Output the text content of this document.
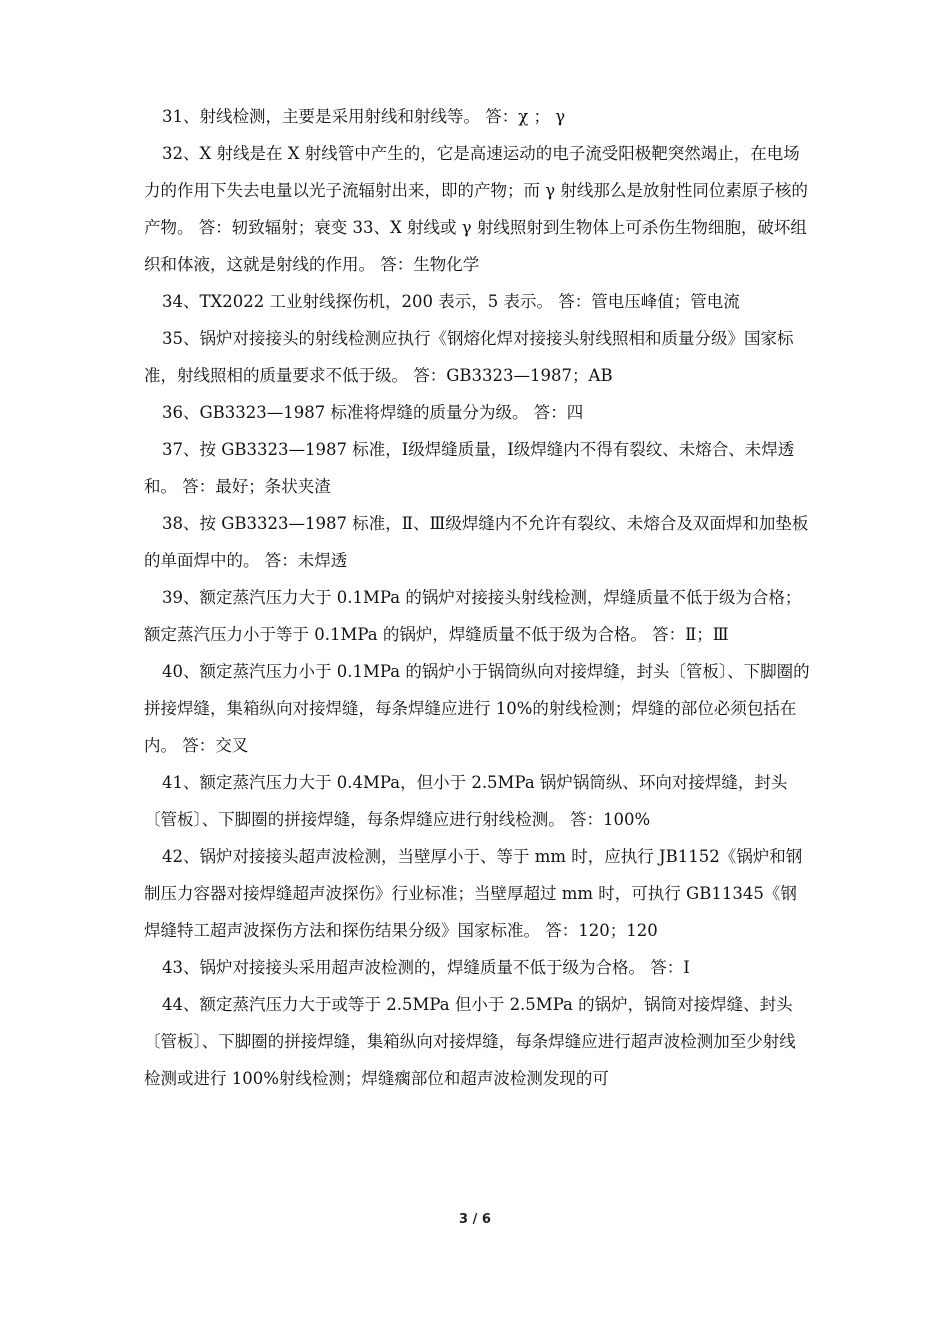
31、射线检测，主要是采用射线和射线等。 答：χ ； γ

32、X 射线是在 X 射线管中产生的，它是高速运动的电子流受阳极靶突然竭止，在电场力的作用下失去电量以光子流辐射出来，即的产物；而 γ 射线那么是放射性同位素原子核的产物。 答：轫致辐射；衰变 33、X 射线或 γ 射线照射到生物体上可杀伤生物细胞，破坏组织和体液，这就是射线的作用。 答：生物化学

34、TX2022 工业射线探伤机，200 表示，5 表示。 答：管电压峰值；管电流

35、锅炉对接接头的射线检测应执行《钢熔化焊对接接头射线照相和质量分级》国家标准，射线照相的质量要求不低于级。 答：GB3323—1987；AB

36、GB3323—1987 标准将焊缝的质量分为级。 答：四

37、按 GB3323—1987 标准，Ⅰ级焊缝质量，Ⅰ级焊缝内不得有裂纹、未熔合、未焊透和。 答：最好；条状夹渣

38、按 GB3323—1987 标准，Ⅱ、Ⅲ级焊缝内不允许有裂纹、未熔合及双面焊和加垫板的单面焊中的。 答：未焊透

39、额定蒸汽压力大于 0.1MPa 的锅炉对接接头射线检测，焊缝质量不低于级为合格；额定蒸汽压力小于等于 0.1MPa 的锅炉，焊缝质量不低于级为合格。 答：Ⅱ；Ⅲ

40、额定蒸汽压力小于 0.1MPa 的锅炉小于锅筒纵向对接焊缝，封头〔管板〕、下脚圈的拼接焊缝，集箱纵向对接焊缝，每条焊缝应进行 10%的射线检测；焊缝的部位必须包括在内。 答：交叉

41、额定蒸汽压力大于 0.4MPa，但小于 2.5MPa 锅炉锅筒纵、环向对接焊缝，封头〔管板〕、下脚圈的拼接焊缝，每条焊缝应进行射线检测。 答：100%

42、锅炉对接接头超声波检测，当壁厚小于、等于 mm 时，应执行 JB1152《锅炉和钢制压力容器对接焊缝超声波探伤》行业标准；当壁厚超过 mm 时，可执行 GB11345《钢焊缝特工超声波探伤方法和探伤结果分级》国家标准。 答：120；120

43、锅炉对接接头采用超声波检测的，焊缝质量不低于级为合格。 答：Ⅰ

44、额定蒸汽压力大于或等于 2.5MPa 但小于 2.5MPa 的锅炉，锅筒对接焊缝、封头〔管板〕、下脚圈的拼接焊缝，集箱纵向对接焊缝，每条焊缝应进行超声波检测加至少射线检测或进行 100%射线检测；焊缝瘸部位和超声波检测发现的可

3 / 6
